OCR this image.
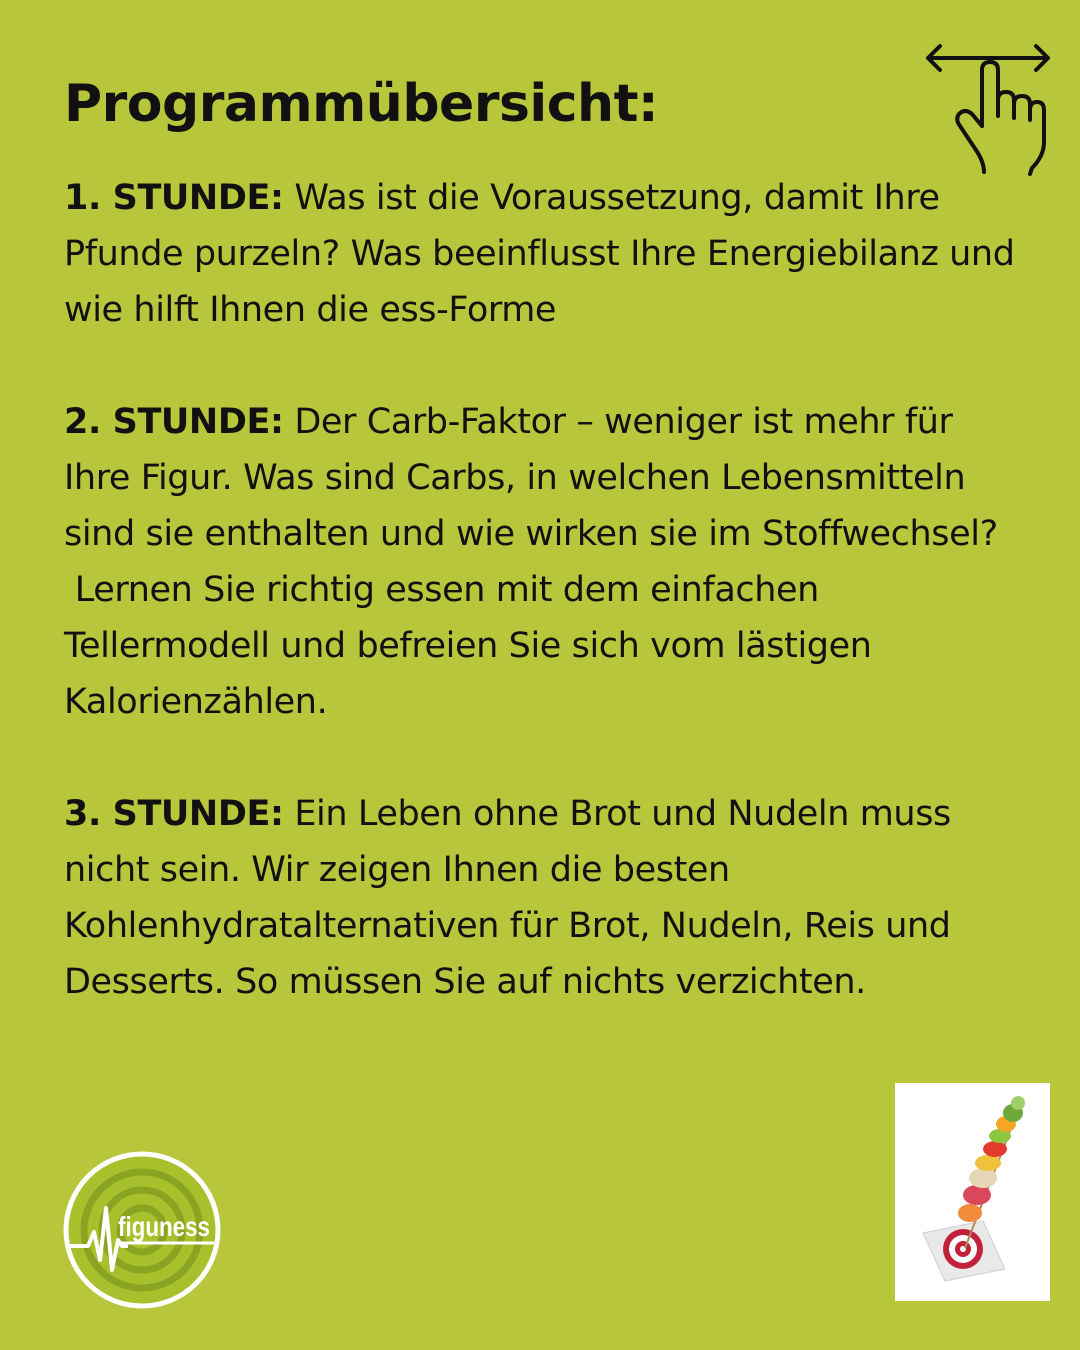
Programmübersicht:

1. STUNDE: Was ist die Voraussetzung, damit Ihre Pfunde purzeln? Was beeinflusst Ihre Energiebilanz und wie hilft Ihnen die ess-Forme

2. STUNDE: Der Carb-Faktor – weniger ist mehr für Ihre Figur. Was sind Carbs, in welchen Lebensmitteln sind sie enthalten und wie wirken sie im Stoffwechsel?
Lernen Sie richtig essen mit dem einfachen Tellermodell und befreien Sie sich vom lästigen Kalorienzählen.

3. STUNDE: Ein Leben ohne Brot und Nudeln muss nicht sein. Wir zeigen Ihnen die besten Kohlenhydratalternativen für Brot, Nudeln, Reis und Desserts. So müssen Sie auf nichts verzichten.

figuness
